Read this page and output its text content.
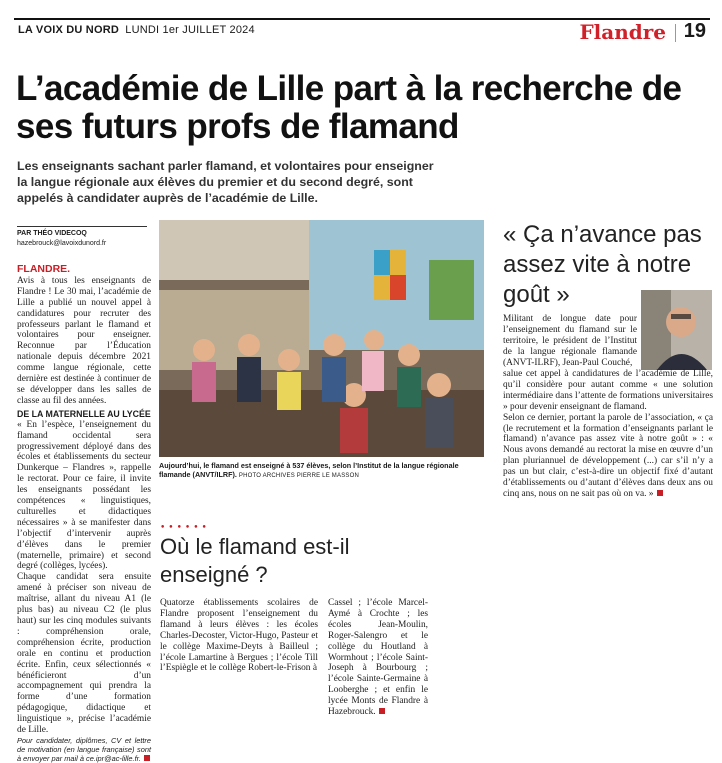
LA VOIX DU NORD LUNDI 1er JUILLET 2024	Flandre 19
L’académie de Lille part à la recherche de ses futurs profs de flamand

Les enseignants sachant parler flamand, et volontaires pour enseigner la langue régionale aux élèves du premier et du second degré, sont appelés à candidater auprès de l’académie de Lille.

PAR THÉO VIDECOQ
hazebrouck@lavoixdunord.fr

FLANDRE.
Avis à tous les enseignants de Flandre ! Le 30 mai, l’académie de Lille a publié un nouvel appel à candidatures pour recruter des professeurs parlant le flamand et volontaires pour enseigner. Reconnue par l’Éducation nationale depuis décembre 2021 comme langue régionale, cette dernière est destinée à continuer de se développer dans les salles de classe au fil des années.

DE LA MATERNELLE AU LYCÉE

« En l’espèce, l’enseignement du flamand occidental sera progressivement déployé dans des écoles et établissements du secteur Dunkerque – Flandres », rappelle le rectorat. Pour ce faire, il invite les enseignants possédant les compétences « linguistiques, culturelles et didactiques nécessaires » à se manifester dans l’objectif d’intervenir auprès d’élèves dans le premier (maternelle, primaire) et second degré (collèges, lycées).

Chaque candidat sera ensuite amené à préciser son niveau de maîtrise, allant du niveau A1 (le plus bas) au niveau C2 (le plus haut) sur les cinq modules suivants : compréhension orale, compréhension écrite, production orale en continu et production écrite. Enfin, ceux sélectionnés « bénéficieront d’un accompagnement qui prendra la forme d’une formation pédagogique, didactique et linguistique », précise l’académie de Lille.

Pour candidater, diplômes, CV et lettre de motivation (en langue française) sont à envoyer par mail à ce.ipr@ac-lille.fr.

Aujourd’hui, le flamand est enseigné à 537 élèves, selon l’Institut de la langue régionale flamande (ANVT/ILRF). PHOTO ARCHIVES PIERRE LE MASSON
« Ça n’avance pas assez vite à notre goût »

Militant de longue date pour l’enseignement du flamand sur le territoire, le président de l’Institut de la langue régionale flamande (ANVT-ILRF), Jean-Paul Couché,

salue cet appel à candidatures de l’académie de Lille, qu’il considère pour autant comme « une solution intermédiaire dans l’attente de formations universitaires » pour devenir enseignant de flamand.

Selon ce dernier, portant la parole de l’association, « ça (le recrutement et la formation d’enseignants parlant le flamand) n’avance pas assez vite à notre goût » : « Nous avons demandé au rectorat la mise en œuvre d’un plan pluriannuel de développement (...) car s’il n’y a pas un but clair, c’est-à-dire un objectif fixé d’autant d’établissements ou d’autant d’élèves dans deux ans ou cinq ans, nous on ne sait pas où on va. »

••••••
Où le flamand est-il enseigné ?

Quatorze établissements scolaires de Flandre proposent l’enseignement du flamand à leurs élèves : les écoles Charles-Decoster, Victor-Hugo, Pasteur et le collège Maxime-Deyts à Bailleul ; l’école Lamartine à Bergues ; l’école Till l’Espiègle et le collège Robert-le-Frison à

Cassel ; l’école Marcel-Aymé à Crochte ; les écoles Jean-Moulin, Roger-Salengro et le collège du Houtland à Wormhout ; l’école Saint-Joseph à Bourbourg ; l’école Sainte-Germaine à Looberghe ; et enfin le lycée Monts de Flandre à Hazebrouck.
